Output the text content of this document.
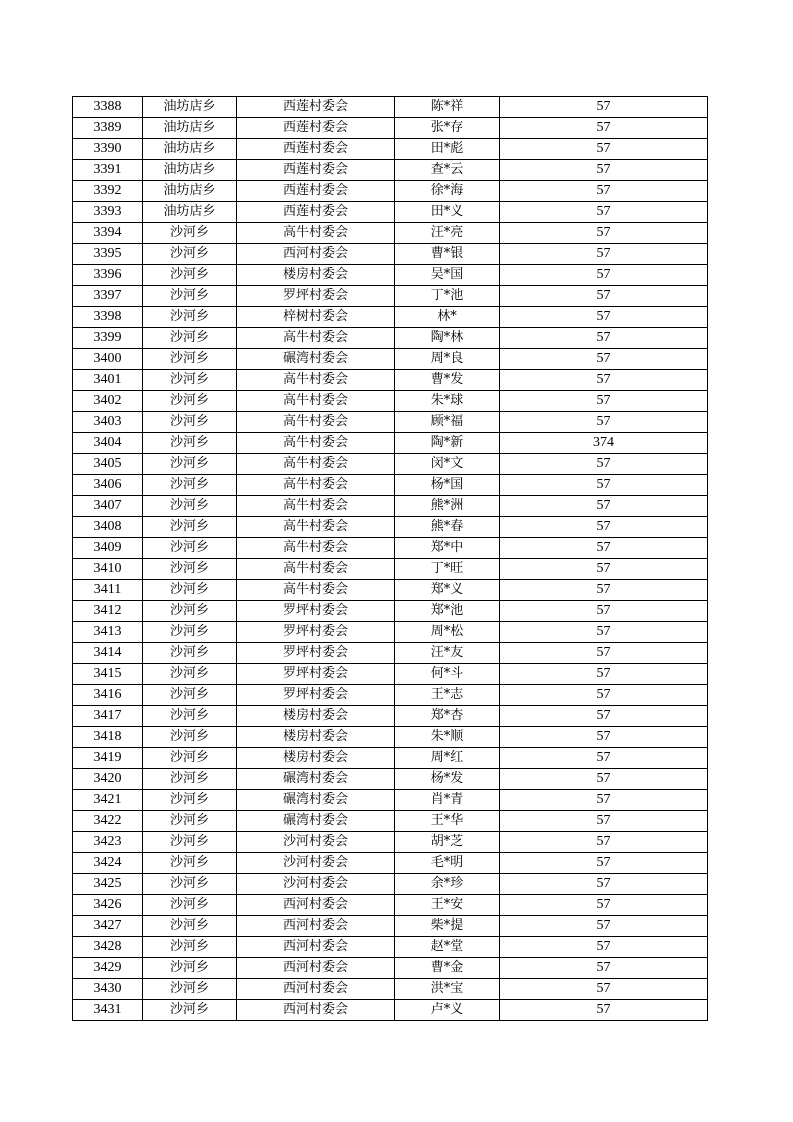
3388	油坊店乡	西莲村委会	陈*祥	57
3389	油坊店乡	西莲村委会	张*存	57
3390	油坊店乡	西莲村委会	田*彪	57
3391	油坊店乡	西莲村委会	查*云	57
3392	油坊店乡	西莲村委会	徐*海	57
3393	油坊店乡	西莲村委会	田*义	57
3394	沙河乡	高牛村委会	汪*亮	57
3395	沙河乡	西河村委会	曹*银	57
3396	沙河乡	楼房村委会	吴*国	57
3397	沙河乡	罗坪村委会	丁*池	57
3398	沙河乡	梓树村委会	林*	57
3399	沙河乡	高牛村委会	陶*林	57
3400	沙河乡	碾湾村委会	周*良	57
3401	沙河乡	高牛村委会	曹*发	57
3402	沙河乡	高牛村委会	朱*球	57
3403	沙河乡	高牛村委会	顾*福	57
3404	沙河乡	高牛村委会	陶*新	374
3405	沙河乡	高牛村委会	闵*文	57
3406	沙河乡	高牛村委会	杨*国	57
3407	沙河乡	高牛村委会	熊*洲	57
3408	沙河乡	高牛村委会	熊*春	57
3409	沙河乡	高牛村委会	郑*中	57
3410	沙河乡	高牛村委会	丁*旺	57
3411	沙河乡	高牛村委会	郑*义	57
3412	沙河乡	罗坪村委会	郑*池	57
3413	沙河乡	罗坪村委会	周*松	57
3414	沙河乡	罗坪村委会	汪*友	57
3415	沙河乡	罗坪村委会	何*斗	57
3416	沙河乡	罗坪村委会	王*志	57
3417	沙河乡	楼房村委会	郑*杏	57
3418	沙河乡	楼房村委会	朱*顺	57
3419	沙河乡	楼房村委会	周*红	57
3420	沙河乡	碾湾村委会	杨*发	57
3421	沙河乡	碾湾村委会	肖*青	57
3422	沙河乡	碾湾村委会	王*华	57
3423	沙河乡	沙河村委会	胡*芝	57
3424	沙河乡	沙河村委会	毛*明	57
3425	沙河乡	沙河村委会	余*珍	57
3426	沙河乡	西河村委会	王*安	57
3427	沙河乡	西河村委会	柴*提	57
3428	沙河乡	西河村委会	赵*堂	57
3429	沙河乡	西河村委会	曹*金	57
3430	沙河乡	西河村委会	洪*宝	57
3431	沙河乡	西河村委会	卢*义	57
